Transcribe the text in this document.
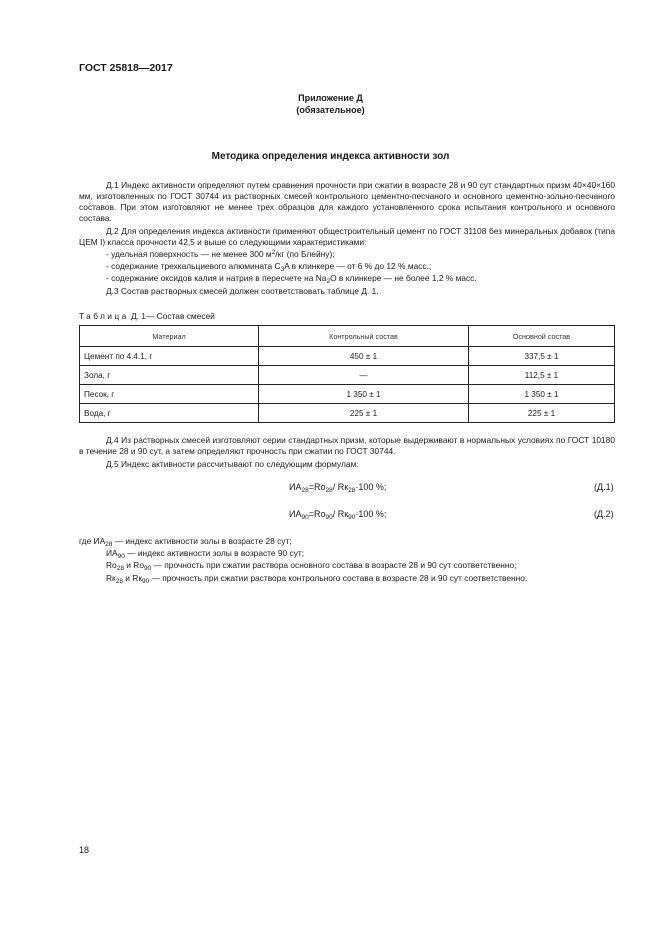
ГОСТ 25818—2017
Приложение Д
(обязательное)
Методика определения индекса активности зол
Д.1 Индекс активности определяют путем сравнения прочности при сжатии в возрасте 28 и 90 сут стандартных призм 40×40×160 мм, изготовленных по ГОСТ 30744 из растворных смесей контрольного цементно-песчаного и основного цементно-зольно-песчаного составов. При этом изготовляют не менее трех образцов для каждого установленного срока испытания контрольного и основного состава.
Д.2 Для определения индекса активности применяют общестроительный цемент по ГОСТ 31108 без минеральных добавок (типа ЦЕМ I) класса прочности 42,5 и выше со следующими характеристиками:
- удельная поверхность — не менее 300 $м^2/кг$ (по Блейну);
- содержание трехкальциевого алюмината $C_3A$ в клинкере — от 6 % до 12 % масс.;
- содержание оксидов калия и натрия в пересчете на $Na_2O$ в клинкере — не более 1,2 % масс.
Д.3 Состав растворных смесей должен соответствовать таблице Д. 1.
Таблица Д. 1— Состав смесей
Материал	Контрольный состав	Основной состав
Цемент по 4.4.1, г	450 ± 1	337,5 ± 1
Зола, г	—	112,5 ± 1
Песок, г	1 350 ± 1	1 350 ± 1
Вода, г	225 ± 1	225 ± 1
Д.4 Из растворных смесей изготовляют серии стандартных призм, которые выдерживают в нормальных условиях по ГОСТ 10180 в течение 28 и 90 сут, а затем определяют прочность при сжатии по ГОСТ 30744.
Д.5 Индекс активности рассчитывают по следующим формулам:
$ИА_{28}=Rо_{28}/$ $Rк_{28}\cdot 100$ %;	(Д.1)
$ИА_{90}=Rо_{90}/$ $Rк_{90}\cdot 100$ %;	(Д.2)
где $ИА_{28}$ — индекс активности золы в возрасте 28 сут;
$ИА_{90}$ — индекс активности золы в возрасте 90 сут;
$Rо_{28}$ и $Rо_{90}$ — прочность при сжатии раствора основного состава в возрасте 28 и 90 сут соответственно;
$Rк_{28}$ и $Rк_{90}$ — прочность при сжатии раствора контрольного состава в возрасте 28 и 90 сут соответственно.
18
